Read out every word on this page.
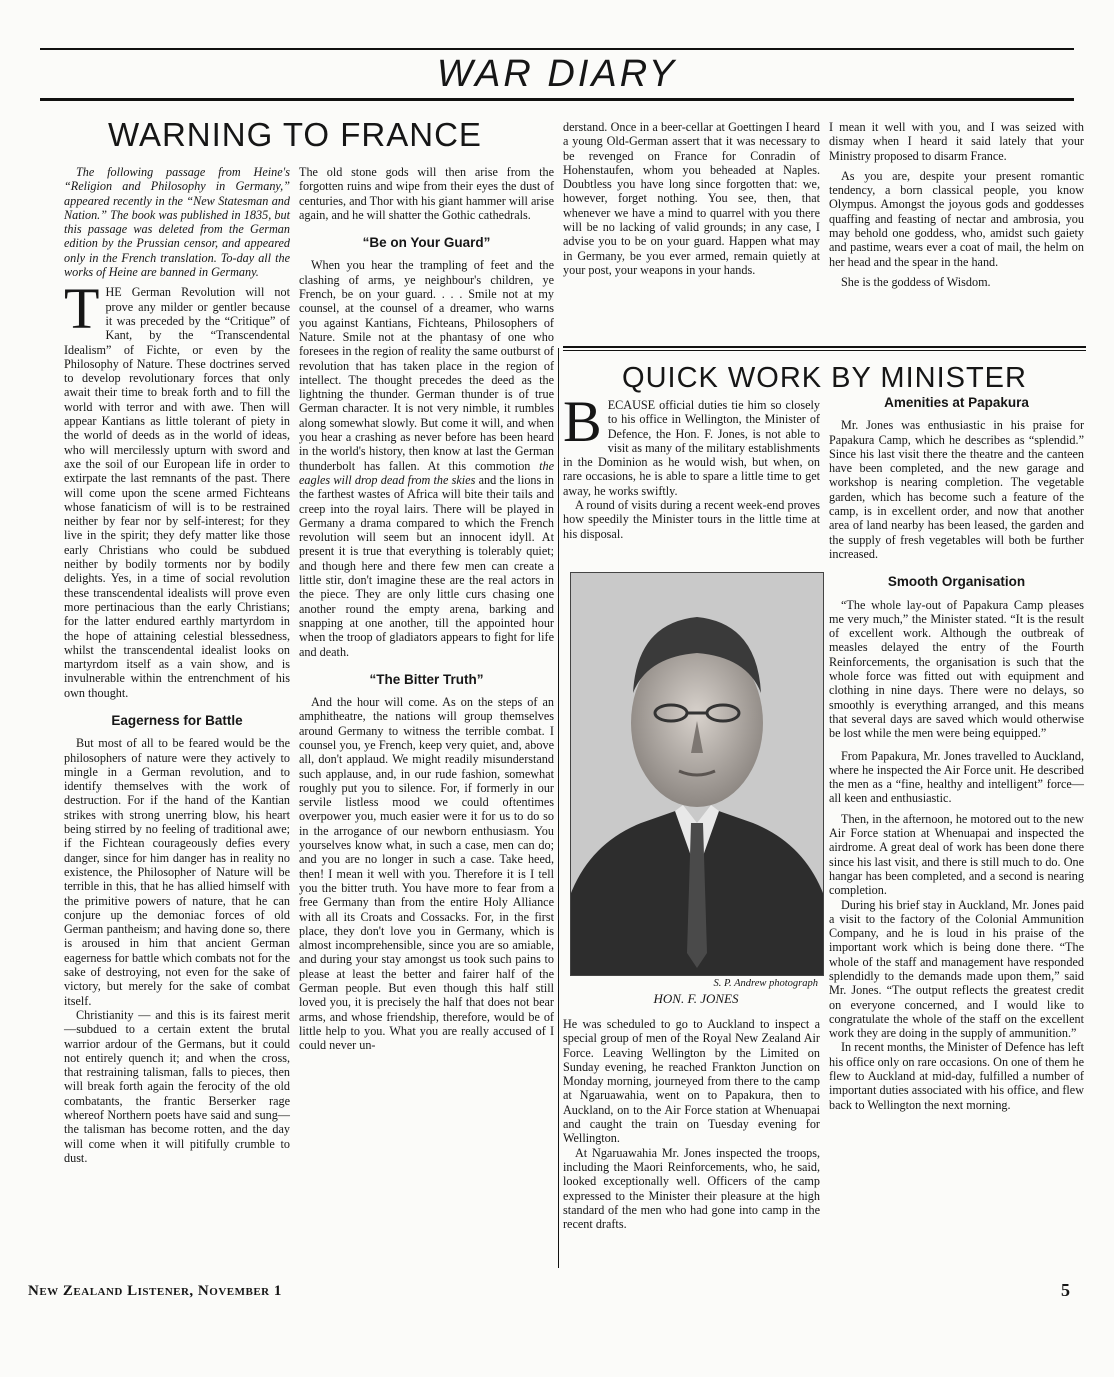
WAR DIARY
WARNING TO FRANCE

The following passage from Heine's “Religion and Philosophy in Germany,” appeared recently in the “New Statesman and Nation.” The book was published in 1835, but this passage was deleted from the German edition by the Prussian censor, and appeared only in the French translation. To-day all the works of Heine are banned in Germany.

T HE German Revolution will not prove any milder or gentler because it was preceded by the “Critique” of Kant, by the “Transcendental Idealism” of Fichte, or even by the Philosophy of Nature. These doctrines served to develop revolutionary forces that only await their time to break forth and to fill the world with terror and with awe. Then will appear Kantians as little tolerant of piety in the world of deeds as in the world of ideas, who will mercilessly upturn with sword and axe the soil of our European life in order to extirpate the last remnants of the past. There will come upon the scene armed Fichteans whose fanaticism of will is to be restrained neither by fear nor by self-interest; for they live in the spirit; they defy matter like those early Christians who could be subdued neither by bodily torments nor by bodily delights. Yes, in a time of social revolution these transcendental idealists will prove even more pertinacious than the early Christians; for the latter endured earthly martyrdom in the hope of attaining celestial blessedness, whilst the transcendental idealist looks on martyrdom itself as a vain show, and is invulnerable within the entrenchment of his own thought.

Eagerness for Battle

But most of all to be feared would be the philosophers of nature were they actively to mingle in a German revolution, and to identify themselves with the work of destruction. For if the hand of the Kantian strikes with strong unerring blow, his heart being stirred by no feeling of traditional awe; if the Fichtean courageously defies every danger, since for him danger has in reality no existence, the Philosopher of Nature will be terrible in this, that he has allied himself with the primitive powers of nature, that he can conjure up the demoniac forces of old German pantheism; and having done so, there is aroused in him that ancient German eagerness for battle which combats not for the sake of destroying, not even for the sake of victory, but merely for the sake of combat itself.

Christianity — and this is its fairest merit—subdued to a certain extent the brutal warrior ardour of the Germans, but it could not entirely quench it; and when the cross, that restraining talisman, falls to pieces, then will break forth again the ferocity of the old combatants, the frantic Berserker rage whereof Northern poets have said and sung—the talisman has become rotten, and the day will come when it will pitifully crumble to dust.

The old stone gods will then arise from the forgotten ruins and wipe from their eyes the dust of centuries, and Thor with his giant hammer will arise again, and he will shatter the Gothic cathedrals.

“Be on Your Guard”

When you hear the trampling of feet and the clashing of arms, ye neighbour's children, ye French, be on your guard. . . . Smile not at my counsel, at the counsel of a dreamer, who warns you against Kantians, Fichteans, Philosophers of Nature. Smile not at the phantasy of one who foresees in the region of reality the same outburst of revolution that has taken place in the region of intellect. The thought precedes the deed as the lightning the thunder. German thunder is of true German character. It is not very nimble, it rumbles along somewhat slowly. But come it will, and when you hear a crashing as never before has been heard in the world's history, then know at last the German thunderbolt has fallen. At this commotion the eagles will drop dead from the skies and the lions in the farthest wastes of Africa will bite their tails and creep into the royal lairs. There will be played in Germany a drama compared to which the French revolution will seem but an innocent idyll. At present it is true that everything is tolerably quiet; and though here and there few men can create a little stir, don't imagine these are the real actors in the piece. They are only little curs chasing one another round the empty arena, barking and snapping at one another, till the appointed hour when the troop of gladiators appears to fight for life and death.

“The Bitter Truth”

And the hour will come. As on the steps of an amphitheatre, the nations will group themselves around Germany to witness the terrible combat. I counsel you, ye French, keep very quiet, and, above all, don't applaud. We might readily misunderstand such applause, and, in our rude fashion, somewhat roughly put you to silence. For, if formerly in our servile listless mood we could oftentimes overpower you, much easier were it for us to do so in the arrogance of our newborn enthusiasm. You yourselves know what, in such a case, men can do; and you are no longer in such a case. Take heed, then! I mean it well with you. Therefore it is I tell you the bitter truth. You have more to fear from a free Germany than from the entire Holy Alliance with all its Croats and Cossacks. For, in the first place, they don't love you in Germany, which is almost incomprehensible, since you are so amiable, and during your stay amongst us took such pains to please at least the better and fairer half of the German people. But even though this half still loved you, it is precisely the half that does not bear arms, and whose friendship, therefore, would be of little help to you. What you are really accused of I could never un-

derstand. Once in a beer-cellar at Goettingen I heard a young Old-German assert that it was necessary to be revenged on France for Conradin of Hohenstaufen, whom you beheaded at Naples. Doubtless you have long since forgotten that: we, however, forget nothing. You see, then, that whenever we have a mind to quarrel with you there will be no lacking of valid grounds; in any case, I advise you to be on your guard. Happen what may in Germany, be you ever armed, remain quietly at your post, your weapons in your hands.

I mean it well with you, and I was seized with dismay when I heard it said lately that your Ministry proposed to disarm France.

As you are, despite your present romantic tendency, a born classical people, you know Olympus. Amongst the joyous gods and goddesses quaffing and feasting of nectar and ambrosia, you may behold one goddess, who, amidst such gaiety and pastime, wears ever a coat of mail, the helm on her head and the spear in the hand.

She is the goddess of Wisdom.

QUICK WORK BY MINISTER
B ECAUSE official duties tie him so closely to his office in Wellington, the Minister of Defence, the Hon. F. Jones, is not able to visit as many of the military establishments in the Dominion as he would wish, but when, on rare occasions, he is able to spare a little time to get away, he works swiftly.

A round of visits during a recent week-end proves how speedily the Minister tours in the little time at his disposal.

S. P. Andrew photograph
HON. F. JONES

He was scheduled to go to Auckland to inspect a special group of men of the Royal New Zealand Air Force. Leaving Wellington by the Limited on Sunday evening, he reached Frankton Junction on Monday morning, journeyed from there to the camp at Ngaruawahia, went on to Papakura, then to Auckland, on to the Air Force station at Whenuapai and caught the train on Tuesday evening for Wellington.

At Ngaruawahia Mr. Jones inspected the troops, including the Maori Reinforcements, who, he said, looked exceptionally well. Officers of the camp expressed to the Minister their pleasure at the high standard of the men who had gone into camp in the recent drafts.

Amenities at Papakura

Mr. Jones was enthusiastic in his praise for Papakura Camp, which he describes as “splendid.” Since his last visit there the theatre and the canteen have been completed, and the new garage and workshop is nearing completion. The vegetable garden, which has become such a feature of the camp, is in excellent order, and now that another area of land nearby has been leased, the garden and the supply of fresh vegetables will both be further increased.

Smooth Organisation

“The whole lay-out of Papakura Camp pleases me very much,” the Minister stated. “It is the result of excellent work. Although the outbreak of measles delayed the entry of the Fourth Reinforcements, the organisation is such that the whole force was fitted out with equipment and clothing in nine days. There were no delays, so smoothly is everything arranged, and this means that several days are saved which would otherwise be lost while the men were being equipped.”

From Papakura, Mr. Jones travelled to Auckland, where he inspected the Air Force unit. He described the men as a “fine, healthy and intelligent” force—all keen and enthusiastic.

Then, in the afternoon, he motored out to the new Air Force station at Whenuapai and inspected the airdrome. A great deal of work has been done there since his last visit, and there is still much to do. One hangar has been completed, and a second is nearing completion.

During his brief stay in Auckland, Mr. Jones paid a visit to the factory of the Colonial Ammunition Company, and he is loud in his praise of the important work which is being done there. “The whole of the staff and management have responded splendidly to the demands made upon them,” said Mr. Jones. “The output reflects the greatest credit on everyone concerned, and I would like to congratulate the whole of the staff on the excellent work they are doing in the supply of ammunition.”

In recent months, the Minister of Defence has left his office only on rare occasions. On one of them he flew to Auckland at mid-day, fulfilled a number of important duties associated with his office, and flew back to Wellington the next morning.

New Zealand Listener, November 1	5
